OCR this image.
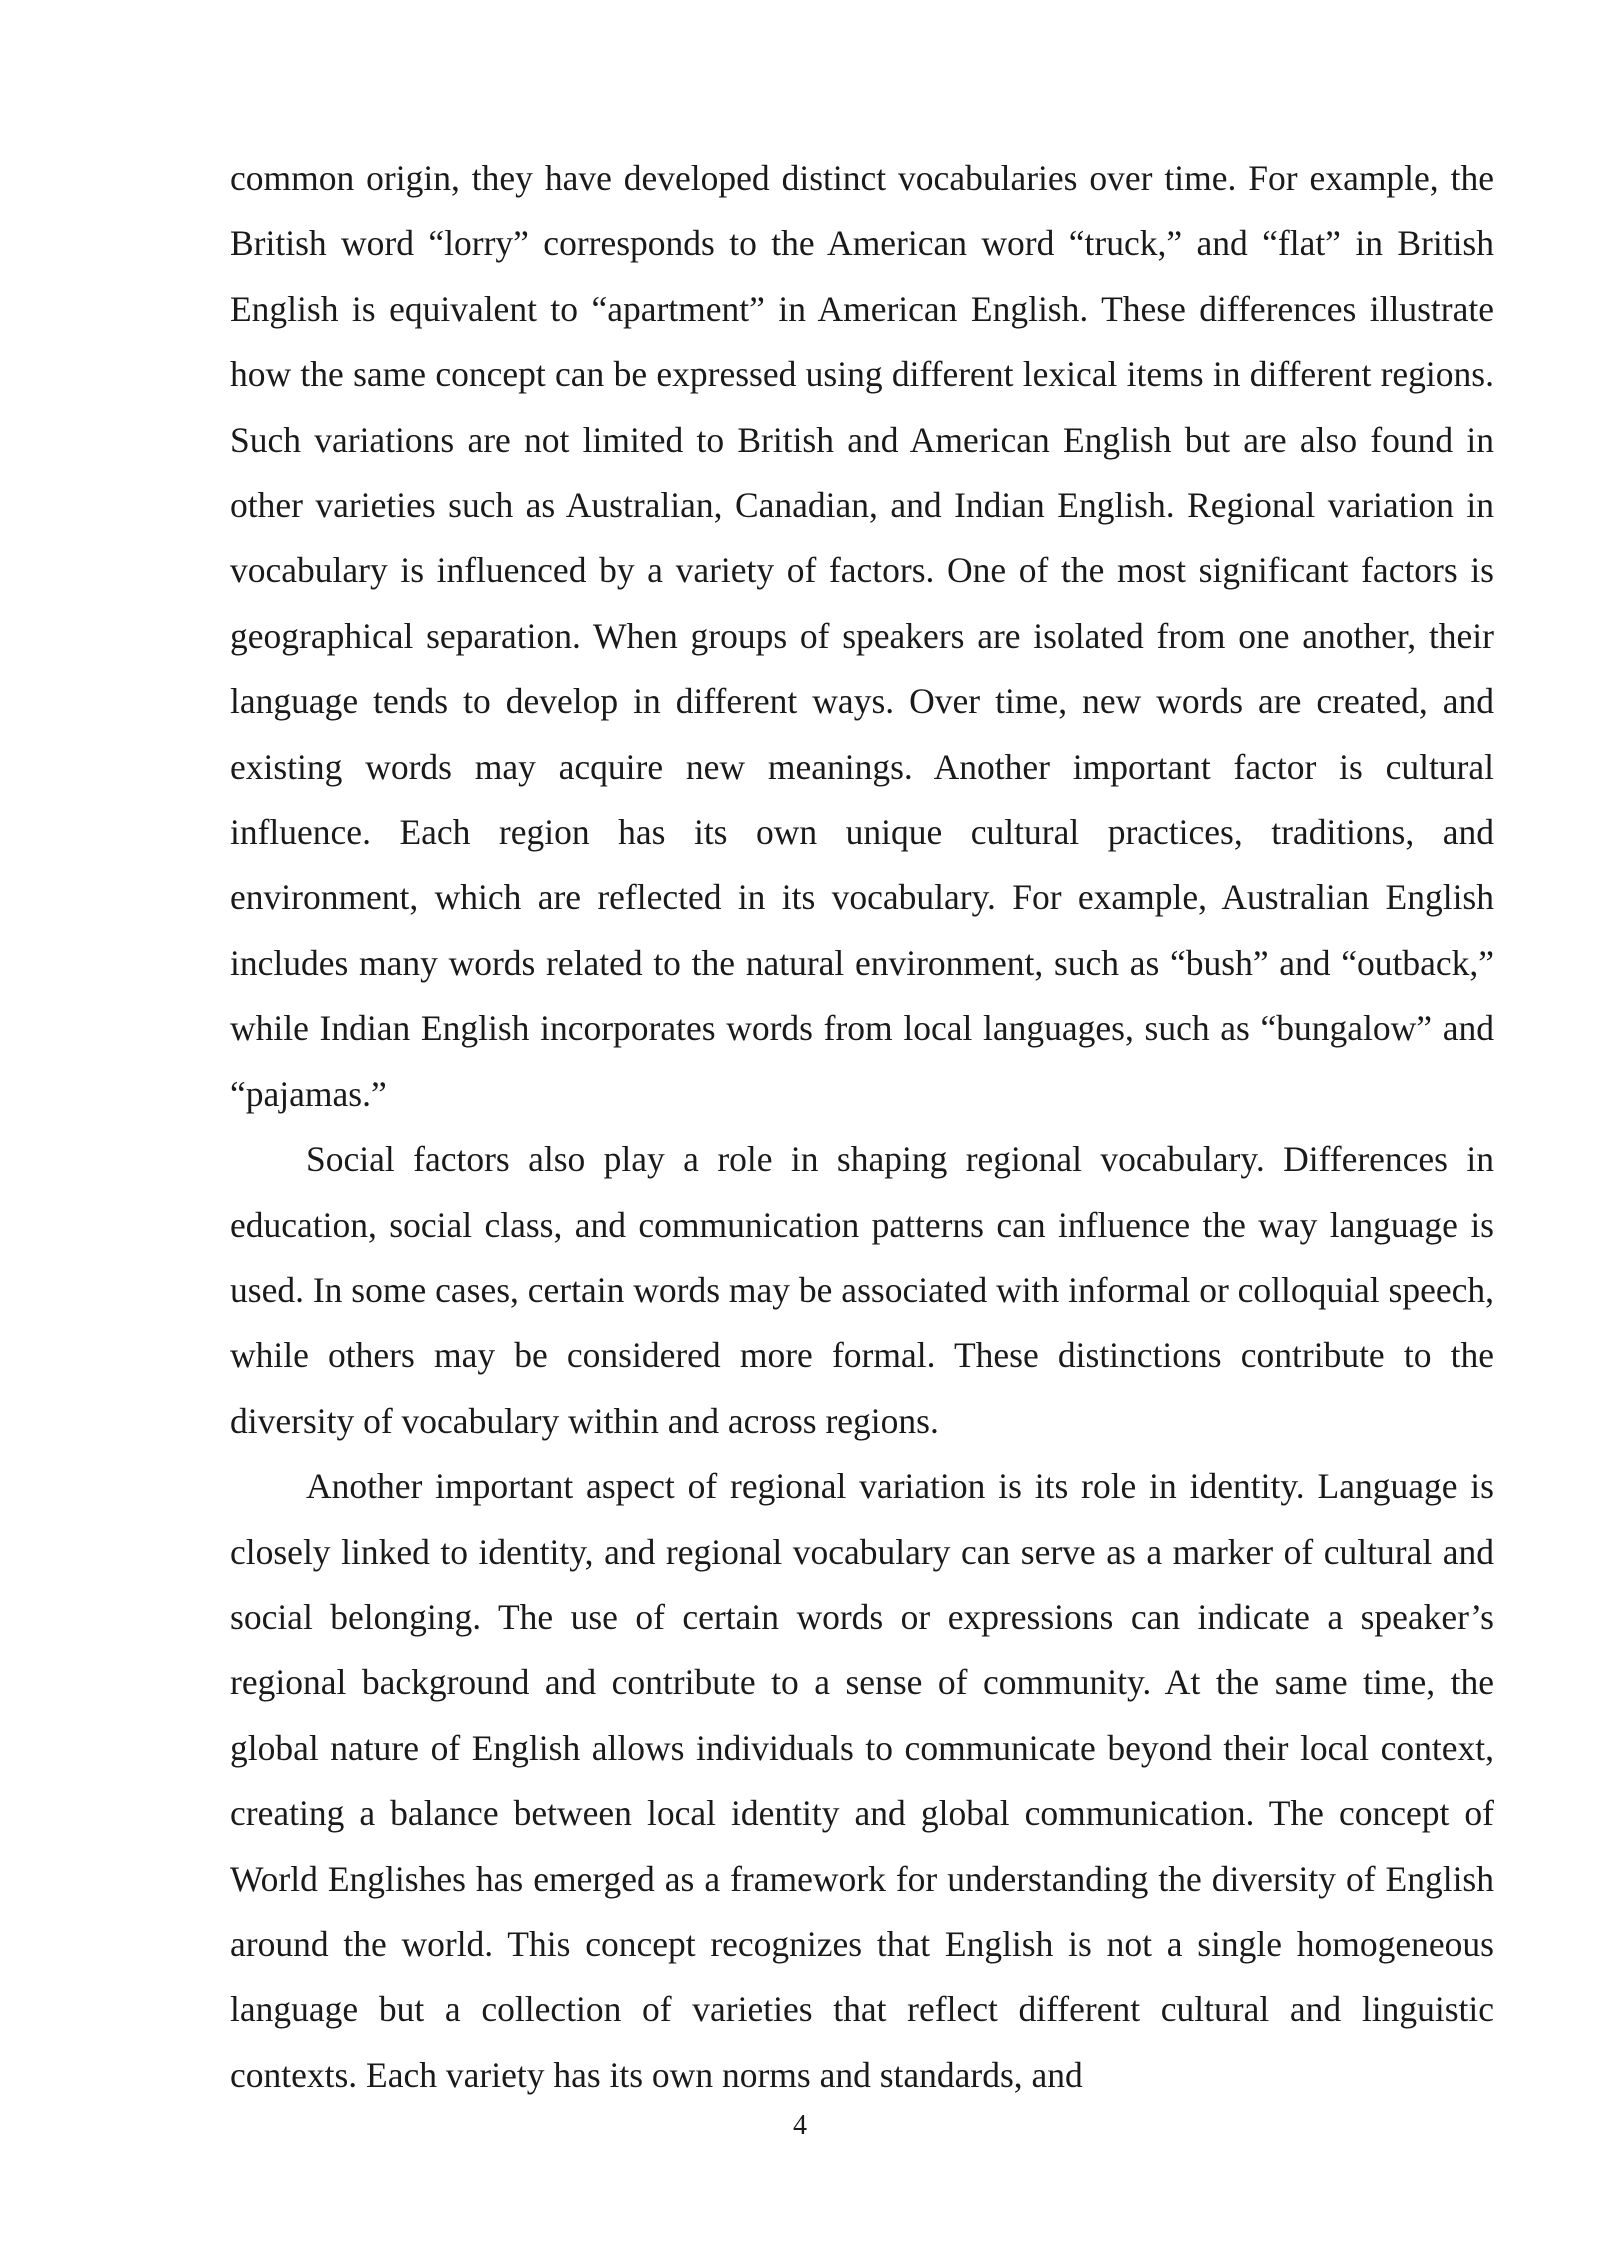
common origin, they have developed distinct vocabularies over time. For example, the British word “lorry” corresponds to the American word “truck,” and “flat” in British English is equivalent to “apartment” in American English. These differences illustrate how the same concept can be expressed using different lexical items in different regions. Such variations are not limited to British and American English but are also found in other varieties such as Australian, Canadian, and Indian English. Regional variation in vocabulary is influenced by a variety of factors. One of the most significant factors is geographical separation. When groups of speakers are isolated from one another, their language tends to develop in different ways. Over time, new words are created, and existing words may acquire new meanings. Another important factor is cultural influence. Each region has its own unique cultural practices, traditions, and environment, which are reflected in its vocabulary. For example, Australian English includes many words related to the natural environment, such as “bush” and “outback,” while Indian English incorporates words from local languages, such as “bungalow” and “pajamas.”

Social factors also play a role in shaping regional vocabulary. Differences in education, social class, and communication patterns can influence the way language is used. In some cases, certain words may be associated with informal or colloquial speech, while others may be considered more formal. These distinctions contribute to the diversity of vocabulary within and across regions.

Another important aspect of regional variation is its role in identity. Language is closely linked to identity, and regional vocabulary can serve as a marker of cultural and social belonging. The use of certain words or expressions can indicate a speaker’s regional background and contribute to a sense of community. At the same time, the global nature of English allows individuals to communicate beyond their local context, creating a balance between local identity and global communication. The concept of World Englishes has emerged as a framework for understanding the diversity of English around the world. This concept recognizes that English is not a single homogeneous language but a collection of varieties that reflect different cultural and linguistic contexts. Each variety has its own norms and standards, and

4
